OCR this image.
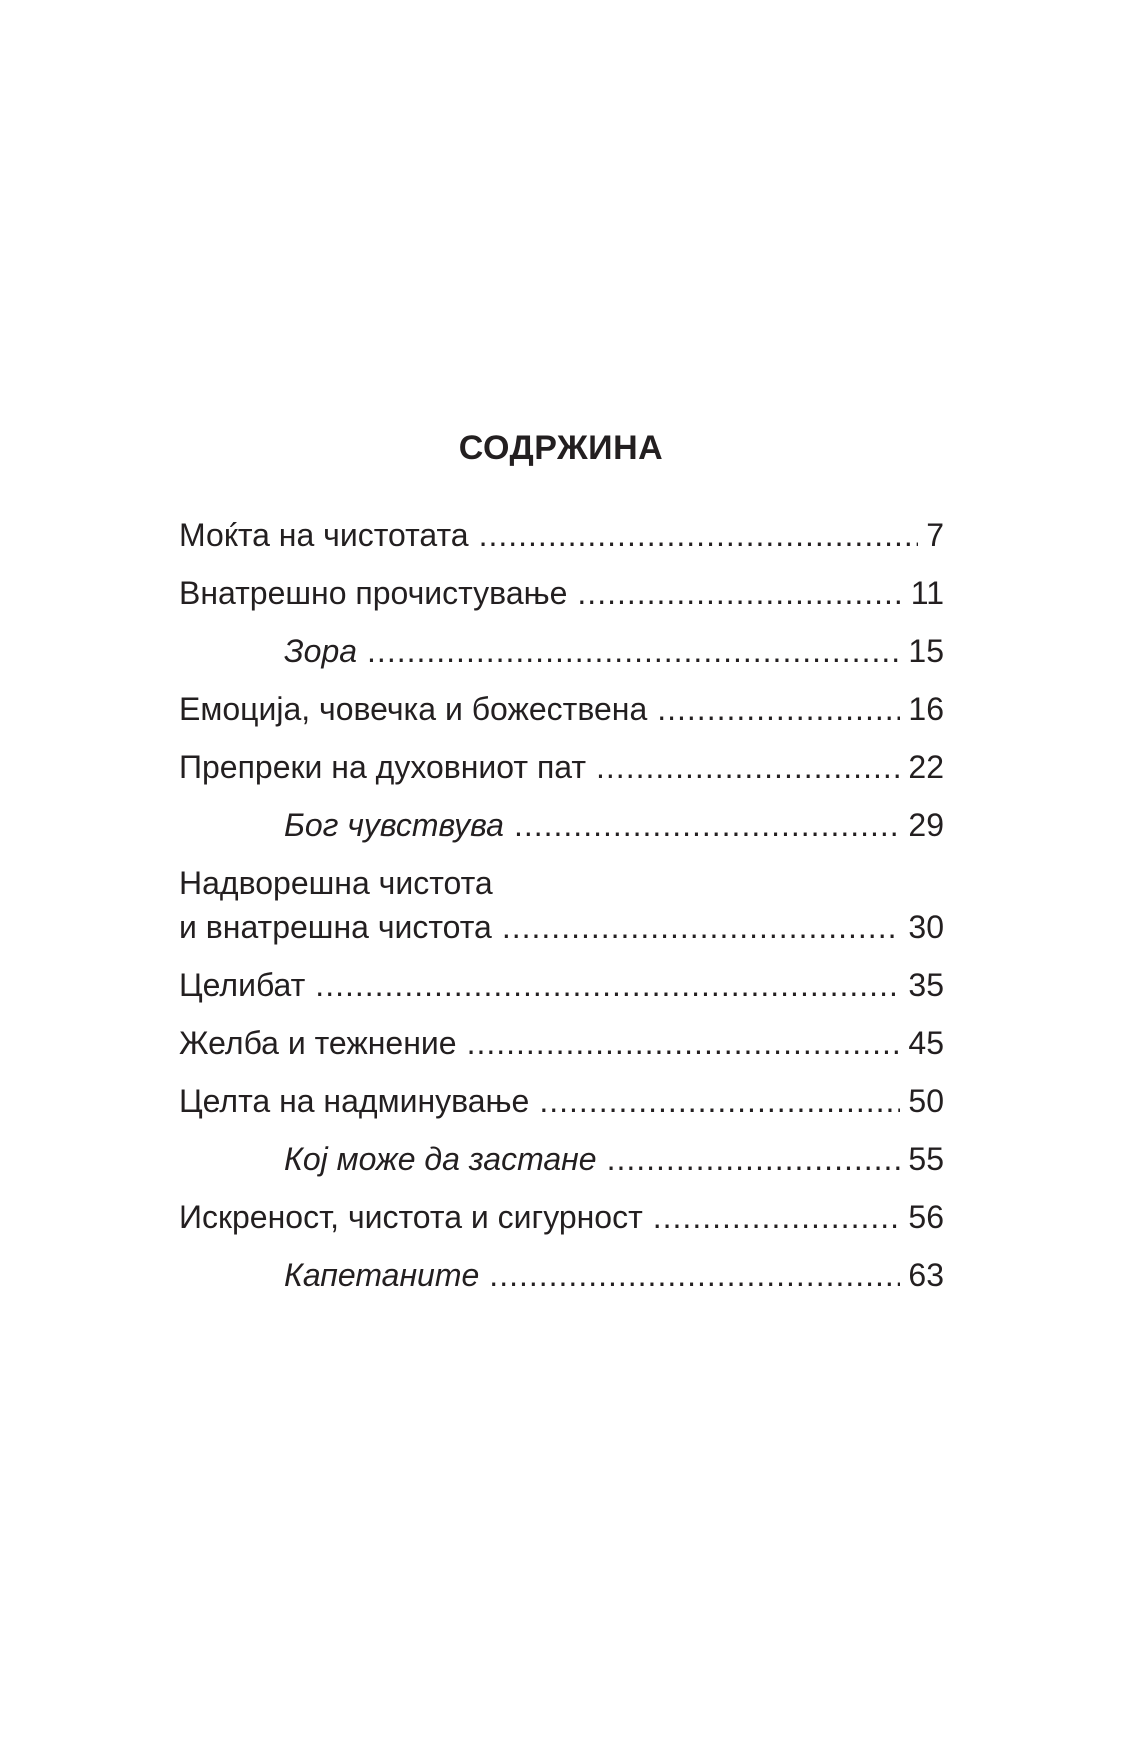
СОДРЖИНА
Моќта на чистотата .....	7
Внатрешно прочистување .....	11
Зора .....	15
Емоција, човечка и божествена .....	16
Препреки на духовниот пат .....	22
Бог чувствува .....	29
Надворешна чистота
и внатрешна чистота .....	30
Целибат .....	35
Желба и тежнение .....	45
Целта на надминување .....	50
Кој може да застане .....	55
Искреност, чистота и сигурност .....	56
Капетаните .....	63
